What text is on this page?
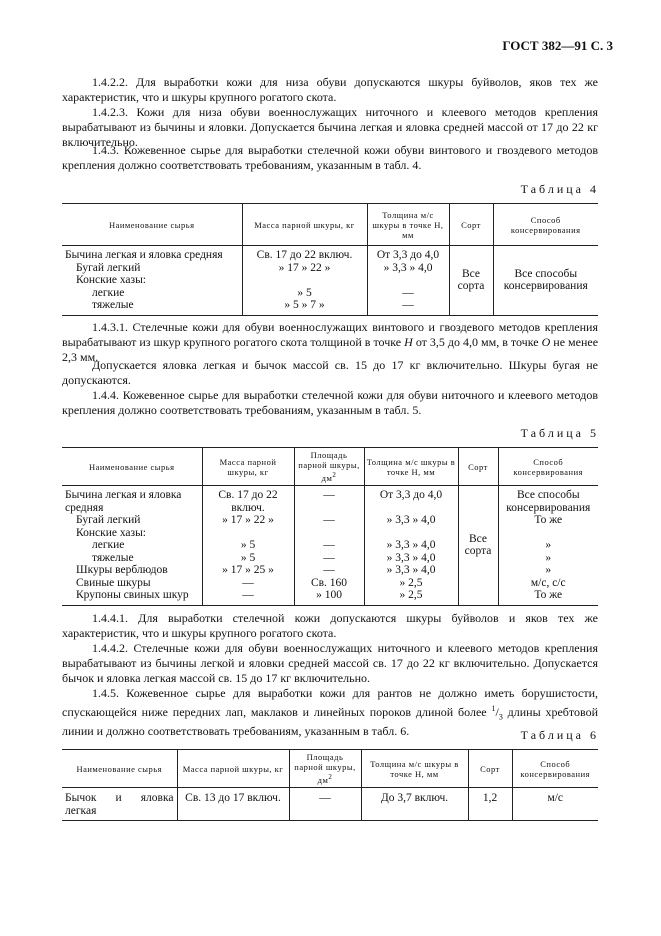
ГОСТ 382—91 С. 3

1.4.2.2. Для выработки кожи для низа обуви допускаются шкуры буйволов, яков тех же характеристик, что и шкуры крупного рогатого скота.

1.4.2.3. Кожи для низа обуви военнослужащих ниточного и клеевого методов крепления вырабатывают из бычины и яловки. Допускается бычина легкая и яловка средней массой от 17 до 22 кг включительно.

1.4.3. Кожевенное сырье для выработки стелечной кожи обуви винтового и гвоздевого методов крепления должно соответствовать требованиям, указанным в табл. 4.

Таблица 4
Наименование сырья	Масса парной шкуры, кг	Толщина м/с шкуры в точке Н, мм	Сорт	Способ консервирования
Бычина легкая и яловка средняя	Св. 17 до 22 включ.	От 3,3 до 4,0	Все сорта	Все способы консервирования
Бугай легкий	» 17 » 22 »	» 3,3 » 4,0		
Конские хазы:				
легкие	» 5	—		
тяжелые	» 5 » 7 »	—		

1.4.3.1. Стелечные кожи для обуви военнослужащих винтового и гвоздевого методов крепления вырабатывают из шкур крупного рогатого скота толщиной в точке H от 3,5 до 4,0 мм, в точке O не менее 2,3 мм.

Допускается яловка легкая и бычок массой св. 15 до 17 кг включительно. Шкуры бугая не допускаются.

1.4.4. Кожевенное сырье для выработки стелечной кожи для обуви ниточного и клеевого методов крепления должно соответствовать требованиям, указанным в табл. 5.

Таблица 5
Наименование сырья	Масса парной шкуры, кг	Площадь парной шкуры, $дм^2$	Толщина м/с шкуры в точке Н, мм	Сорт	Способ консервирования
Бычина легкая и яловка средняя	Св. 17 до 22 включ.	—	От 3,3 до 4,0	Все сорта	Все способы консервирования
Бугай легкий	» 17 » 22 »	—	» 3,3 » 4,0		То же
Конские хазы:					
легкие	» 5	—	» 3,3 » 4,0		»
тяжелые	» 5	—	» 3,3 » 4,0		»
Шкуры верблюдов	» 17 » 25 »	—	» 3,3 » 4,0		»
Свиные шкуры	—	Св. 160	» 2,5		м/с, с/с
Крупоны свиных шкур	—	» 100	» 2,5		То же

1.4.4.1. Для выработки стелечной кожи допускаются шкуры буйволов и яков тех же характеристик, что и шкуры крупного рогатого скота.

1.4.4.2. Стелечные кожи для обуви военнослужащих ниточного и клеевого методов крепления вырабатывают из бычины легкой и яловки средней массой св. 17 до 22 кг включительно. Допускается бычок и яловка легкая массой св. 15 до 17 кг включительно.

1.4.5. Кожевенное сырье для выработки кожи для рантов не должно иметь борушистости, спускающейся ниже передних лап, маклаков и линейных пороков длиной более $^1/_3$ длины хребтовой линии и должно соответствовать требованиям, указанным в табл. 6.	Таблица 6
Наименование сырья	Масса парной шкуры, кг	Площадь парной шкуры, $дм^2$	Толщина м/с шкуры в точке Н, мм	Сорт	Способ консервирования
Бычок и яловка легкая	Св. 13 до 17 включ.	—	До 3,7 включ.	1,2	м/с
